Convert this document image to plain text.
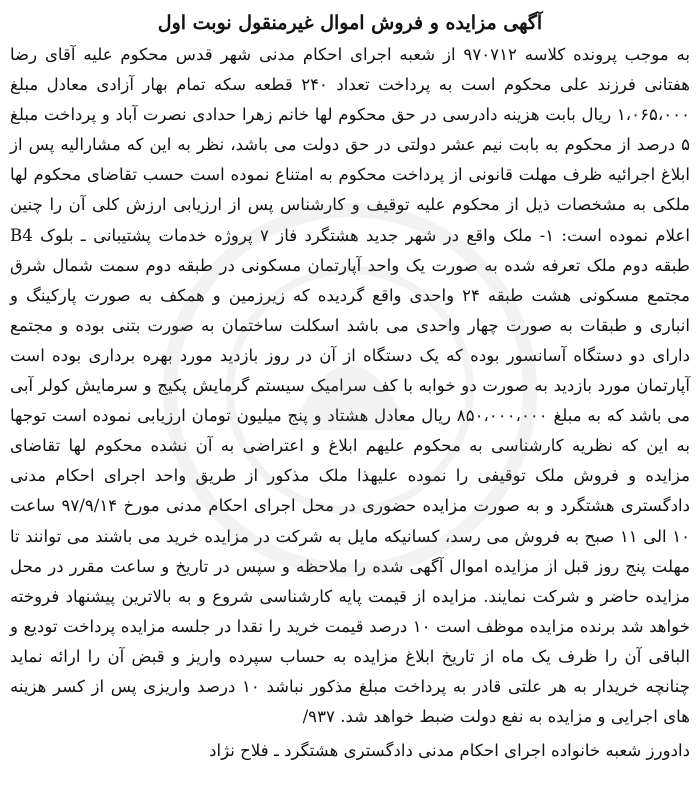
آگهی مزایده و فروش اموال غیرمنقول نوبت اول

به موجب پرونده کلاسه ۹۷۰۷۱۲ از شعبه اجرای احکام مدنی شهر قدس محکوم علیه آقای رضا هفتانی فرزند علی محکوم است به پرداخت تعداد ۲۴۰ قطعه سکه تمام بهار آزادی معادل مبلغ ۱،۰۶۵،۰۰۰ ریال بابت هزینه دادرسی در حق محکوم لها خانم زهرا حدادی نصرت آباد و پرداخت مبلغ ۵ درصد از محکوم به بابت نیم عشر دولتی در حق دولت می باشد، نظر به این که مشارالیه پس از ابلاغ اجرائیه ظرف مهلت قانونی از پرداخت محکوم به امتناع نموده است حسب تقاضای محکوم لها ملکی به مشخصات ذیل از محکوم علیه توقیف و کارشناس پس از ارزیابی ارزش کلی آن را چنین اعلام نموده است: ۱- ملک واقع در شهر جدید هشتگرد فاز ۷ پروژه خدمات پشتیبانی ـ بلوک B4 طبقه دوم ملک تعرفه شده به صورت یک واحد آپارتمان مسکونی در طبقه دوم سمت شمال شرق مجتمع مسکونی هشت طبقه ۲۴ واحدی واقع گردیده که زیرزمین و همکف به صورت پارکینگ و انباری و طبقات به صورت چهار واحدی می باشد اسکلت ساختمان به صورت بتنی بوده و مجتمع دارای دو دستگاه آسانسور بوده که یک دستگاه از آن در روز بازدید مورد بهره برداری بوده است آپارتمان مورد بازدید به صورت دو خوابه با کف سرامیک سیستم گرمایش پکیج و سرمایش کولر آبی می باشد که به مبلغ ۸۵۰،۰۰۰،۰۰۰ ریال معادل هشتاد و پنج میلیون تومان ارزیابی نموده است توجها به این که نظریه کارشناسی به محکوم علیهم ابلاغ و اعتراضی به آن نشده محکوم لها تقاضای مزایده و فروش ملک توقیفی را نموده علیهذا ملک مذکور از طریق واحد اجرای احکام مدنی دادگستری هشتگرد و به صورت مزایده حضوری در محل اجرای احکام مدنی مورخ ۹۷/۹/۱۴ ساعت ۱۰ الی ۱۱ صبح به فروش می رسد، کسانیکه مایل به شرکت در مزایده خرید می باشند می توانند تا مهلت پنج روز قبل از مزایده اموال آگهی شده را ملاحظه و سپس در تاریخ و ساعت مقرر در محل مزایده حاضر و شرکت نمایند. مزایده از قیمت پایه کارشناسی شروع و به بالاترین پیشنهاد فروخته خواهد شد برنده مزایده موظف است ۱۰ درصد قیمت خرید را نقدا در جلسه مزایده پرداخت تودیع و الباقی آن را ظرف یک ماه از تاریخ ابلاغ مزایده به حساب سپرده واریز و قبض آن را ارائه نماید چنانچه خریدار به هر علتی قادر به پرداخت مبلغ مذکور نباشد ۱۰ درصد واریزی پس از کسر هزینه های اجرایی و مزایده به نفع دولت ضبط خواهد شد. ۹۳۷/

دادورز شعبه خانواده اجرای احکام مدنی دادگستری هشتگرد ـ فلاح نژاد
